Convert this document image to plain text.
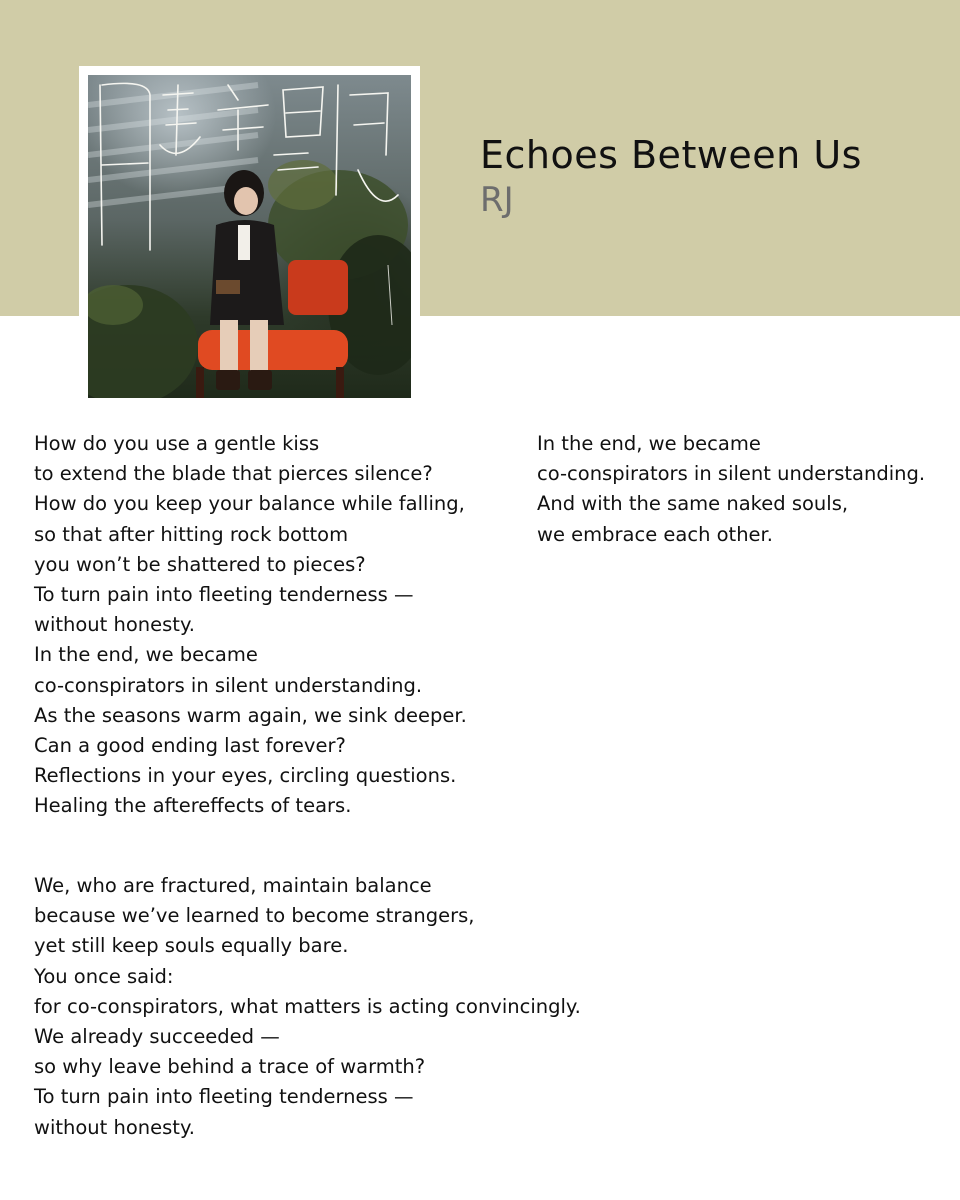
Echoes Between Us

RJ

How do you use a gentle kiss
to extend the blade that pierces silence?
How do you keep your balance while falling,
so that after hitting rock bottom
you won’t be shattered to pieces?
To turn pain into fleeting tenderness —
without honesty.
In the end, we became
co-conspirators in silent understanding.
As the seasons warm again, we sink deeper.
Can a good ending last forever?
Reflections in your eyes, circling questions.
Healing the aftereffects of tears.
We, who are fractured, maintain balance
because we’ve learned to become strangers,
yet still keep souls equally bare.
You once said:
for co-conspirators, what matters is acting convincingly.
We already succeeded —
so why leave behind a trace of warmth?
To turn pain into fleeting tenderness —
without honesty.
In the end, we became
co-conspirators in silent understanding.
And with the same naked souls,
we embrace each other.
